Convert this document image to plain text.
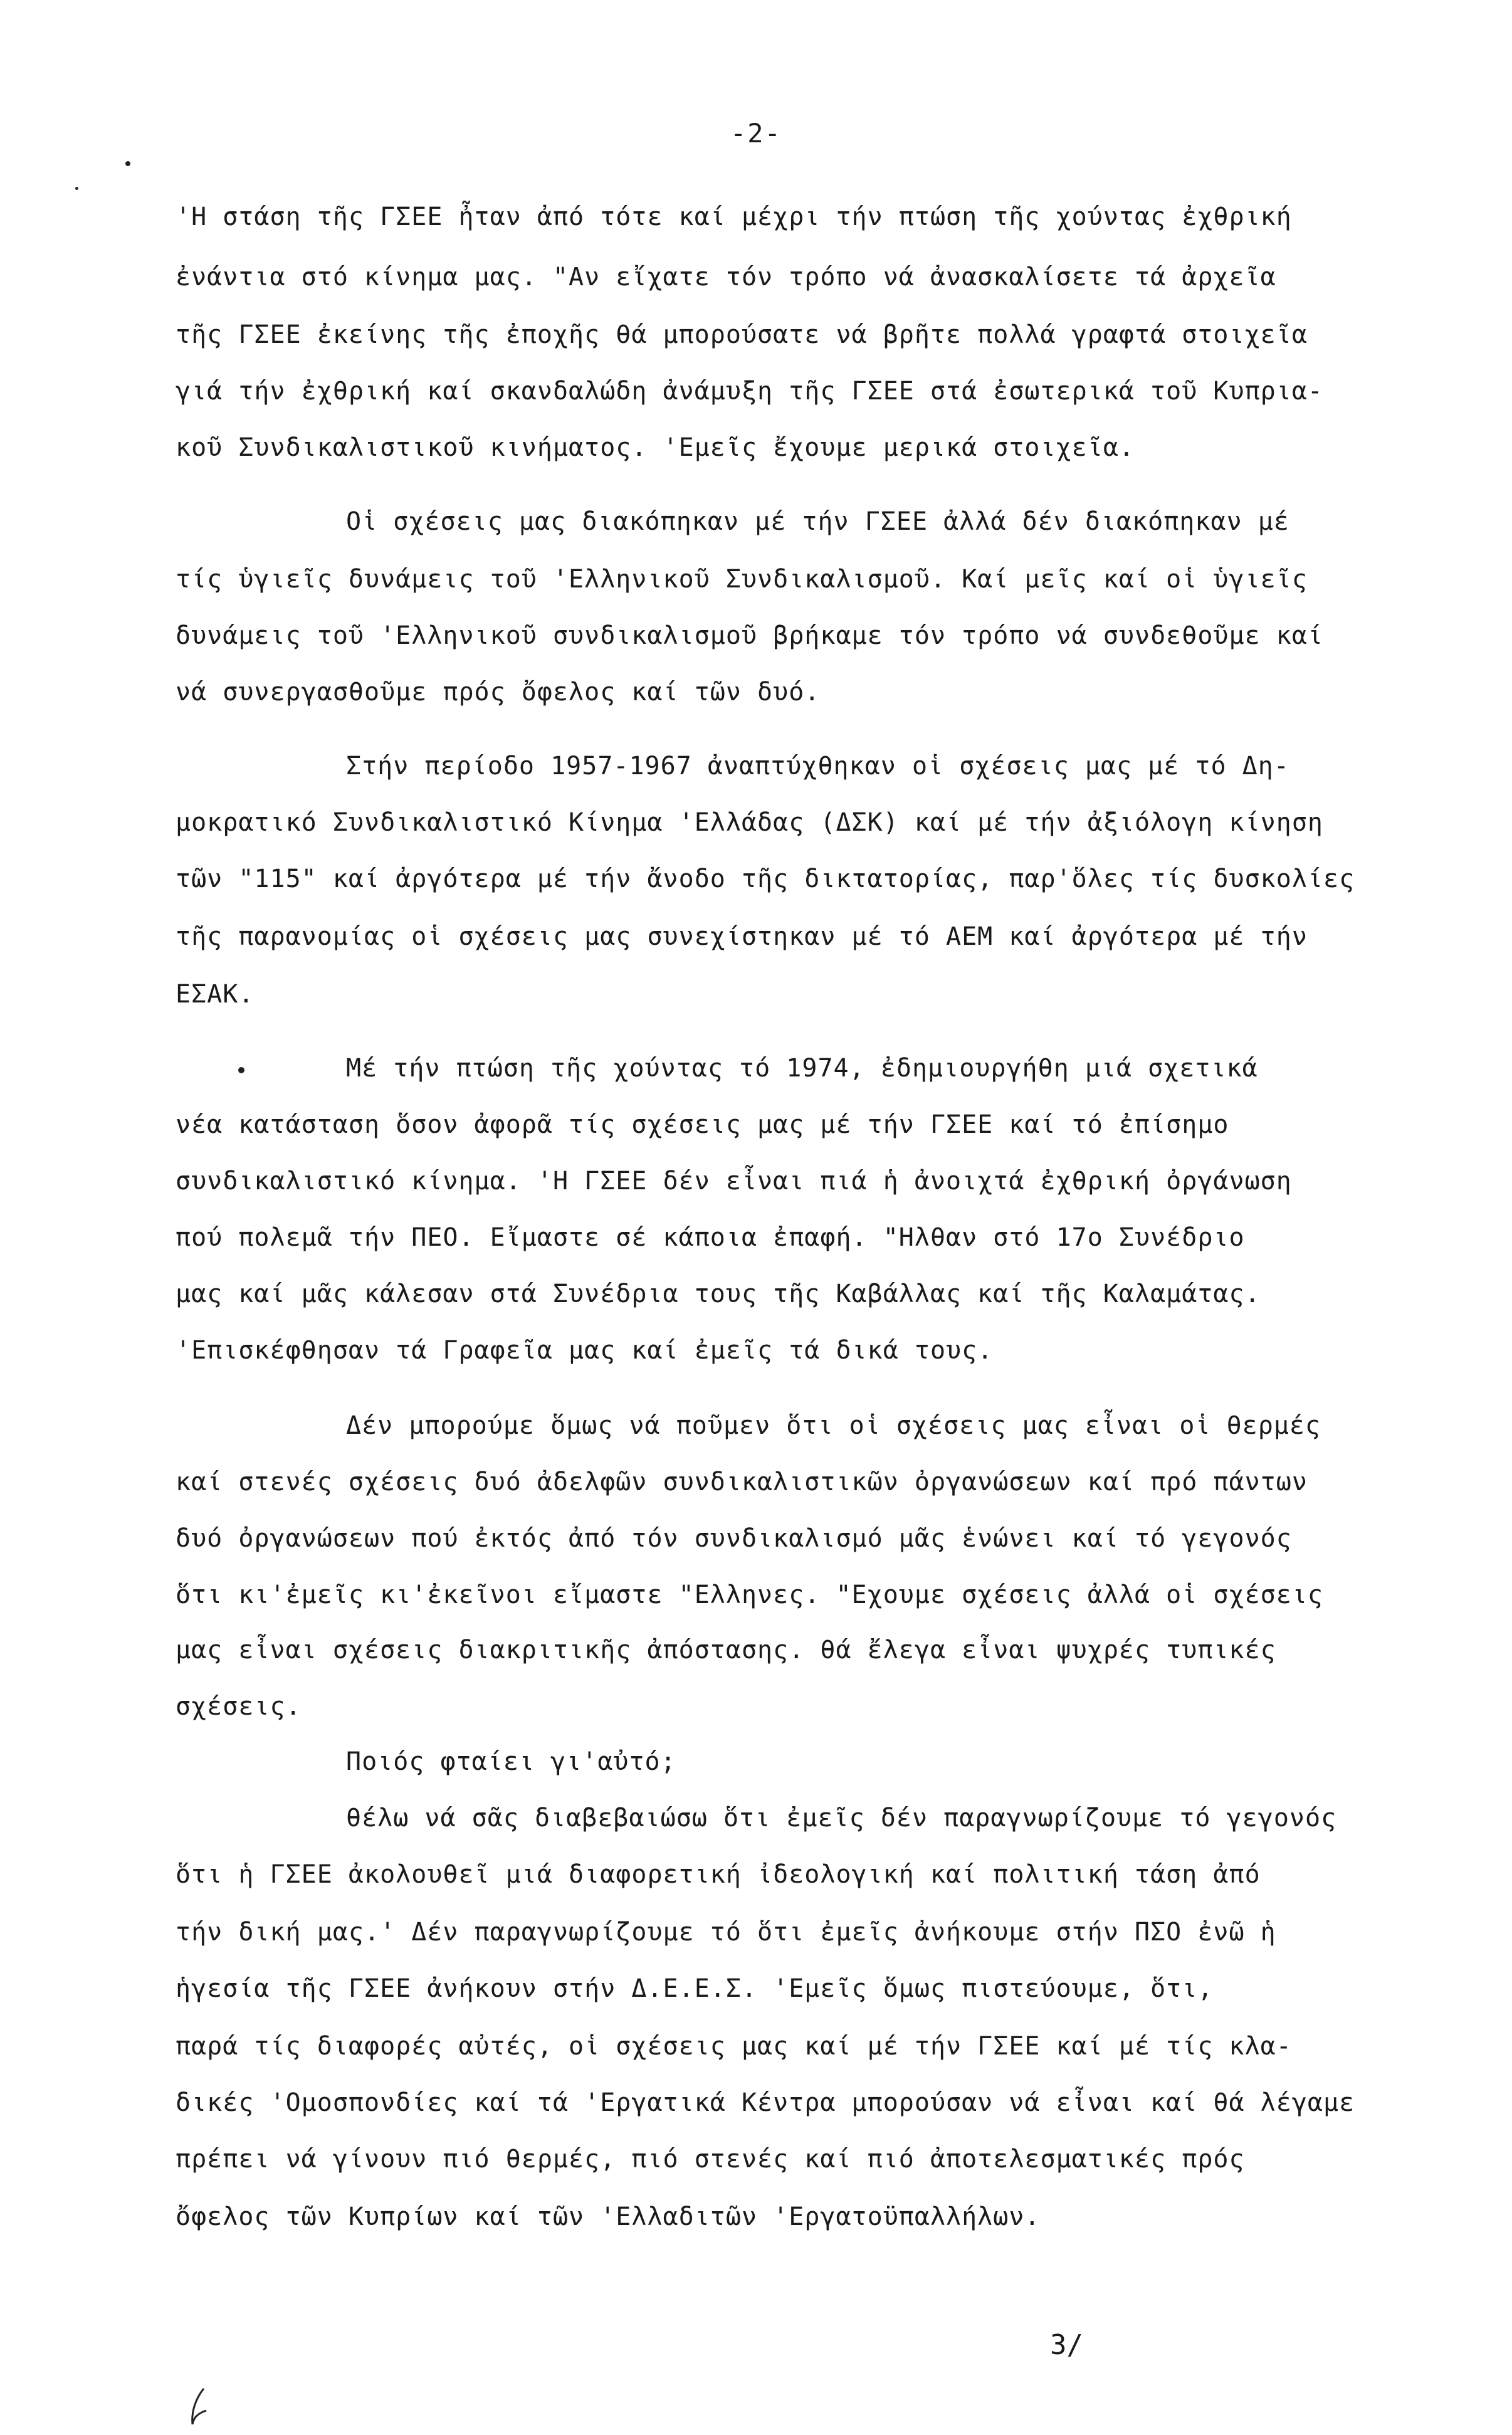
-2-
'Η στάση τῆς ΓΣΕΕ ἦταν ἀπό τότε καί μέχρι τήν πτώση τῆς χούντας ἐχθρική
ἐνάντια στό κίνημα μας. "Αν εἴχατε τόν τρόπο νά ἀνασκαλίσετε τά ἀρχεῖα
τῆς ΓΣΕΕ ἐκείνης τῆς ἐποχῆς θά μπορούσατε νά βρῆτε πολλά γραφτά στοιχεῖα
γιά τήν ἐχθρική καί σκανδαλώδη ἀνάμυξη τῆς ΓΣΕΕ στά ἐσωτερικά τοῦ Κυπρια-
κοῦ Συνδικαλιστικοῦ κινήματος. 'Εμεῖς ἔχουμε μερικά στοιχεῖα.
Οἱ σχέσεις μας διακόπηκαν μέ τήν ΓΣΕΕ ἀλλά δέν διακόπηκαν μέ
τίς ὑγιεῖς δυνάμεις τοῦ 'Ελληνικοῦ Συνδικαλισμοῦ. Καί μεῖς καί οἱ ὑγιεῖς
δυνάμεις τοῦ 'Ελληνικοῦ συνδικαλισμοῦ βρήκαμε τόν τρόπο νά συνδεθοῦμε καί
νά συνεργασθοῦμε πρός ὄφελος καί τῶν δυό.
Στήν περίοδο 1957-1967 ἀναπτύχθηκαν οἱ σχέσεις μας μέ τό Δη-
μοκρατικό Συνδικαλιστικό Κίνημα 'Ελλάδας (ΔΣΚ) καί μέ τήν ἀξιόλογη κίνηση
τῶν "115" καί ἀργότερα μέ τήν ἄνοδο τῆς δικτατορίας, παρ'ὅλες τίς δυσκολίες
τῆς παρανομίας οἱ σχέσεις μας συνεχίστηκαν μέ τό ΑΕΜ καί ἀργότερα μέ τήν
ΕΣΑΚ.
Μέ τήν πτώση τῆς χούντας τό 1974, ἐδημιουργήθη μιά σχετικά
νέα κατάσταση ὅσον ἀφορᾶ τίς σχέσεις μας μέ τήν ΓΣΕΕ καί τό ἐπίσημο
συνδικαλιστικό κίνημα. 'Η ΓΣΕΕ δέν εἶναι πιά ἡ ἀνοιχτά ἐχθρική ὀργάνωση
πού πολεμᾶ τήν ΠΕΟ. Εἴμαστε σέ κάποια ἐπαφή. "Ηλθαν στό 17ο Συνέδριο
μας καί μᾶς κάλεσαν στά Συνέδρια τους τῆς Καβάλλας καί τῆς Καλαμάτας.
'Επισκέφθησαν τά Γραφεῖα μας καί ἐμεῖς τά δικά τους.
Δέν μπορούμε ὅμως νά ποῦμεν ὅτι οἱ σχέσεις μας εἶναι οἱ θερμές
καί στενές σχέσεις δυό ἀδελφῶν συνδικαλιστικῶν ὀργανώσεων καί πρό πάντων
δυό ὀργανώσεων πού ἐκτός ἀπό τόν συνδικαλισμό μᾶς ἑνώνει καί τό γεγονός
ὅτι κι'ἐμεῖς κι'ἐκεῖνοι εἴμαστε "Ελληνες. "Εχουμε σχέσεις ἀλλά οἱ σχέσεις
μας εἶναι σχέσεις διακριτικῆς ἀπόστασης. θά ἔλεγα εἶναι ψυχρές τυπικές
σχέσεις.
Ποιός φταίει γι'αὐτό;
θέλω νά σᾶς διαβεβαιώσω ὅτι ἐμεῖς δέν παραγνωρίζουμε τό γεγονός
ὅτι ἡ ΓΣΕΕ ἀκολουθεῖ μιά διαφορετική ἰδεολογική καί πολιτική τάση ἀπό
τήν δική μας.' Δέν παραγνωρίζουμε τό ὅτι ἐμεῖς ἀνήκουμε στήν ΠΣΟ ἐνῶ ἡ
ἡγεσία τῆς ΓΣΕΕ ἀνήκουν στήν Δ.Ε.Ε.Σ. 'Εμεῖς ὅμως πιστεύουμε, ὅτι,
παρά τίς διαφορές αὐτές, οἱ σχέσεις μας καί μέ τήν ΓΣΕΕ καί μέ τίς κλα-
δικές 'Ομοσπονδίες καί τά 'Εργατικά Κέντρα μπορούσαν νά εἶναι καί θά λέγαμε
πρέπει νά γίνουν πιό θερμές, πιό στενές καί πιό ἀποτελεσματικές πρός
ὄφελος τῶν Κυπρίων καί τῶν 'Ελλαδιτῶν 'Εργατοϋπαλλήλων.
3/
